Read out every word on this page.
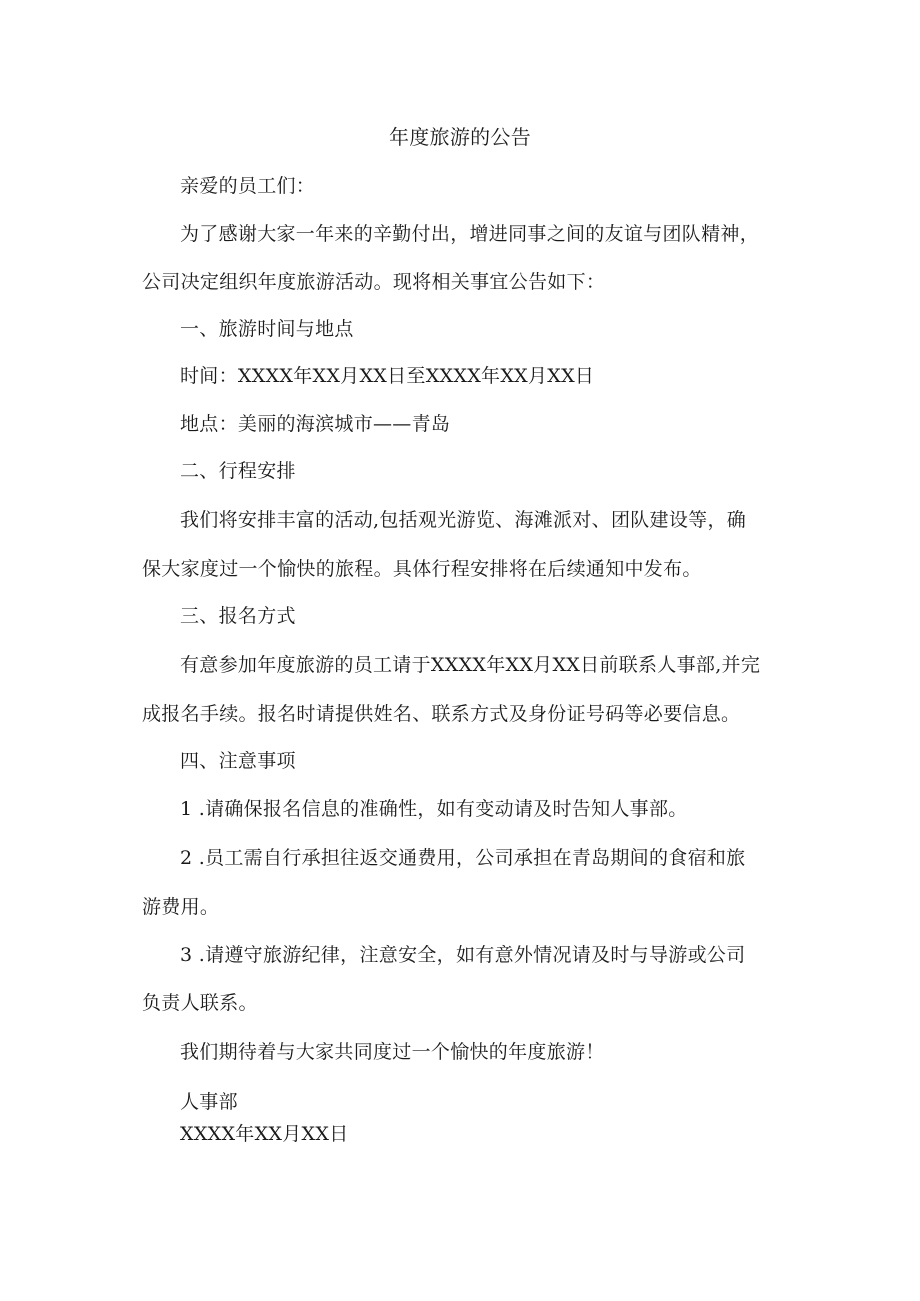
年度旅游的公告
亲爱的员工们：
为了感谢大家一年来的辛勤付出，增进同事之间的友谊与团队精神，
公司决定组织年度旅游活动。现将相关事宜公告如下：
一、旅游时间与地点
时间：XXXX年XX月XX日至XXXX年XX月XX日
地点：美丽的海滨城市——青岛
二、行程安排
我们将安排丰富的活动,包括观光游览、海滩派对、团队建设等，确
保大家度过一个愉快的旅程。具体行程安排将在后续通知中发布。
三、报名方式
有意参加年度旅游的员工请于XXXX年XX月XX日前联系人事部,并完
成报名手续。报名时请提供姓名、联系方式及身份证号码等必要信息。
四、注意事项
1 .请确保报名信息的准确性，如有变动请及时告知人事部。
2 .员工需自行承担往返交通费用，公司承担在青岛期间的食宿和旅
游费用。
3 .请遵守旅游纪律，注意安全，如有意外情况请及时与导游或公司
负责人联系。
我们期待着与大家共同度过一个愉快的年度旅游！
人事部
XXXX年XX月XX日
